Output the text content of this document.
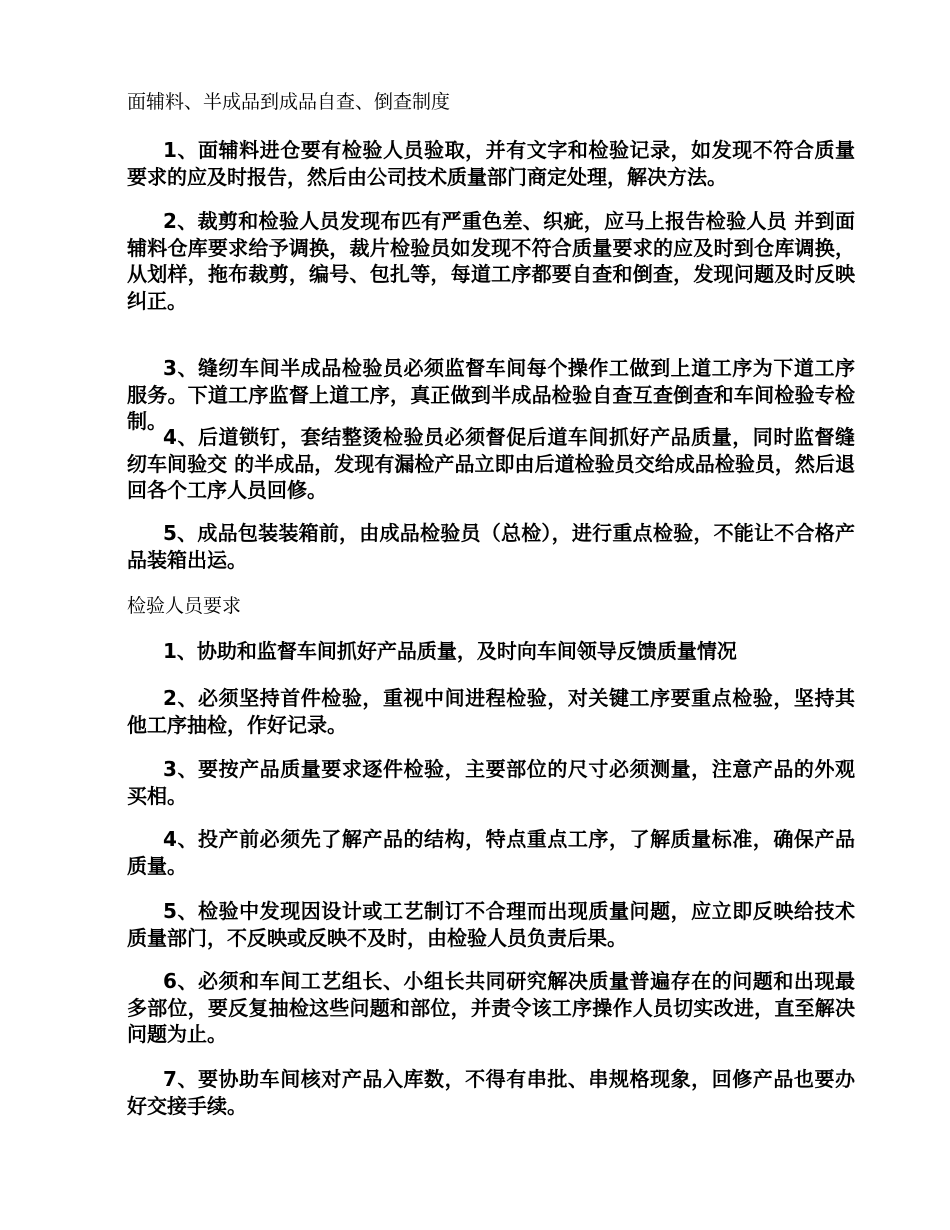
面辅料、半成品到成品自查、倒查制度

1、面辅料进仓要有检验人员验取，并有文字和检验记录，如发现不符合质量要求的应及时报告，然后由公司技术质量部门商定处理，解决方法。

2、裁剪和检验人员发现布匹有严重色差、织疵，应马上报告检验人员 并到面辅料仓库要求给予调换，裁片检验员如发现不符合质量要求的应及时到仓库调换，从划样，拖布裁剪，编号、包扎等，每道工序都要自查和倒查，发现问题及时反映纠正。

3、缝纫车间半成品检验员必须监督车间每个操作工做到上道工序为下道工序服务。下道工序监督上道工序，真正做到半成品检验自查互查倒查和车间检验专检制。

4、后道锁钉，套结整烫检验员必须督促后道车间抓好产品质量，同时监督缝纫车间验交 的半成品，发现有漏检产品立即由后道检验员交给成品检验员，然后退回各个工序人员回修。

5、成品包装装箱前，由成品检验员（总检），进行重点检验，不能让不合格产品装箱出运。

检验人员要求

1、协助和监督车间抓好产品质量，及时向车间领导反馈质量情况

2、必须坚持首件检验，重视中间进程检验，对关键工序要重点检验，坚持其他工序抽检，作好记录。

3、要按产品质量要求逐件检验，主要部位的尺寸必须测量，注意产品的外观买相。

4、投产前必须先了解产品的结构，特点重点工序，了解质量标准，确保产品质量。

5、检验中发现因设计或工艺制订不合理而出现质量问题，应立即反映给技术质量部门，不反映或反映不及时，由检验人员负责后果。

6、必须和车间工艺组长、小组长共同研究解决质量普遍存在的问题和出现最多部位，要反复抽检这些问题和部位，并责令该工序操作人员切实改进，直至解决问题为止。

7、要协助车间核对产品入库数，不得有串批、串规格现象，回修产品也要办好交接手续。
